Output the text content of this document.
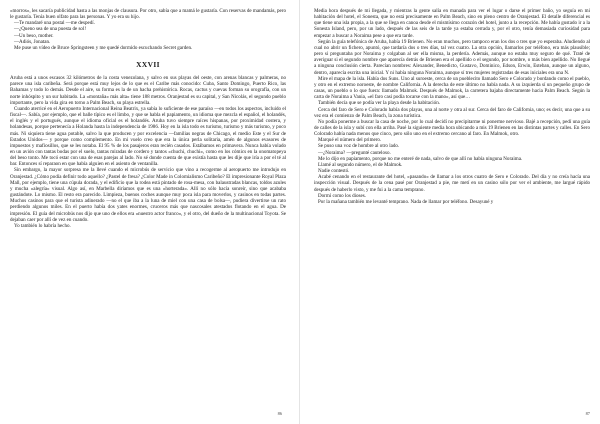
«morros», les sacaría publicidad hasta a las monjas de clausura. Por otro, sabía que a mamá le gustaría. Con reservas de mandamás, pero le gustaría. Tenía buen olfato para las personas. Y yo era su hijo.

—Te mandaré una postal —me despedí.

—¿Queno sea de una puesta de sol!

—Un beso, mother.

—Adiós, Jonatan.

Me puse un vídeo de Bruce Springsteen y me quedé dormido escuchando Secret garden.

XXVII

Aruba está a unos escasos 32 kilómetros de la costa venezolana, y salvo en sus playas del oeste, con arenas blancas y palmeras, no parece una isla caribeña. Será porque está muy lejos de lo que es el Caribe más conocido: Cuba, Santo Domingo, Puerto Rico, las Bahamas y todo lo demás. Desde el aire, su forma es la de un hacha prehistórica. Rocas, cactus y cuevas forman su orografía, con un norte inhóspito y un sur habitado. La «montaña» más alta» tiene 188 metros. Oranjestad es su capital, y San Nicolás, el segundo pueblo importante, pero la vida gira en torno a Palm Beach, su playa estrella.

Cuando aterricé en el Aeropuerto Internacional Reina Beatrix, ya sabía lo suficiente de ese paraíso —en todos los aspectos, incluido el fiscal—. Sabía, por ejemplo, que el balle típico es el limbo, y que se habla el papiamento, un idioma que mezcla el español, el holandés, el inglés y el portugués, aunque el idioma oficial es el holandés. Aruba tuvo siempre raíces hispanas, por proximidad costera, y holandesas, porque pertenecía a Holanda hasta la independencia de 1986. Hoy en la isla todo es turismo, turismo y más turismo, y poco más. Ni siquiera tiene agua potable, salvo la que producen y por excelencia —familias negras de Chicago, el medio Este y el Sur de Estados Unidos— y porque como complemento. En mi vuelo creo que era la única perla solitaria, amén de algunos evasores de impuestos y mafiosillos, que se les notaba. El 95 % de los pasajeros eran recién casados. Estábamos en primavera. Nunca había volado en un avión con tantas bodas por el suelo, tantas miradas de cordero y tantos «chuchi, chuchi», como en los cómics en la onomatopeya del beso tonto. Me tocó estar con una de esas parejas al lado. No sé donde cuenta de que existía hasta que les dije que iría a por el té al bar. Entonces sí reparaon en que había alguien en el asiento de ventanilla.

Sin embargo, la mayor sorpresa me la llevé cuando el microbús de servicio que vino a recogerme al aeropuerto me introdujo en Oranjestad. ¿Cómo podía definir todo aquello? ¿Pastel de fresa? ¿Color Made in Colomialismo Caribeño? El impresionante Royal Plaza Mall, por ejemplo, tiene una cúpula dorada, y el edificio que la rodea está pintado de rosa-mesa, con balaustradas blancas, toldos azules y mucha «alegría» visual. Algo así, en Marbella diríamos que es una «horterada». Allí no sólo hacía sonreír, sino que acababa gustándote. Lo mismo. El resto era parecido. Limpieza, buenos coches aunque muy poca isla para moverlos, y casinos en todas partes. Muchos casinos para que el turista adinerado —no el que iba a la luna de miel con una casa de bolsa—, pudiera divertirse un rato perdiendo algunos miles. En el puerto había dos yates enormes, cruceros más que nascosales atestados flotando en el agua. De impresión. El guía del microbús nos dijo que uno de ellos era «nuestro actor franco», y el otro, del dueño de la multinacional Toyota. Se dejaban caer por allí de vez en cuando.

Yo también lo habría hecho.

86

Media hora después de mi llegada, y mientras la gente salía en manada para ver el lugar o darse el primer baño, yo seguía en mi habitación del hotel, el Sonesta, que no está precisamente en Palm Beach, sino en pleno centro de Oranjestad. El detalle diferencial es que tiene una isla propia, a la que se llega en canoa desde el mismísimo corazón del hotel, junto a la recepción. Me había gustado ir a la Sonesta Island, pero, por un lado, después de las seis de la tarde ya estaba cerrada y, por el otro, tenía demasiada curiosidad para empezar a buscar a Noraima pese a que era tarde.

Según la guía telefónica de Aruba, había 19 Brienen. No eran muchos, pero tampoco eran los dos o tres que yo esperaba. Aludiendo al cual no abrir un fichero, apuntó, que tardaría dos o tres días, tal vez cuatro. La otra opción, llamarlos por teléfono, era más plausible; pero si preguntaba por Noraima y colgaban al ser ella misma, la perdería. Además, aunque no estaba muy seguro de qué. Traté de averiguar si el segundo nombre que aparecía detrás de Brienen era el apellido o el segundo, por nombre, o más bien apellido. No llegué a ninguna conclusión cierta. Parecían nombres: Alexander, Benedicto, Gustavo, Dominico, Edson, Erwin, Esteban, aunque un alguno, dentro, aparecía escrita una inicial. Y ni había ninguna Noraima, aunque sí tres mujeres registradas de esas iniciales era una N.

Mire el mapa de la isla. Había dos Suns. Uno al suroeste, cerca de un pueblecito llamado Sero e Colorado y bordando como el pueblo, y otro en el extremo noroeste, de nombre California. A la derecha de este último no había nada. A su izquierda sí un pequeño grupo de casas, un pueblo o lo que fuera: llamado Malmok. Después de Malmok, la carretera bajaba directamente hacia Palm Beach. Según la carta de Noraima a Vania, «el faro casi podía tocarse con la mano», así que…

También decía que se podía ver la playa desde la habitación.

Cerca del faro de Sero e Colorado había dos playas, una al norte y otra al sur. Cerca del faro de California, uno; es decir, una que a su vez era el comienzo de Palm Beach, la zona turística.

No podía ponerme a buscar la casa de noche, por lo cual decidí no precipitarme ni ponerme nervioso. Bajé a recepción, pedí una guía de calles de la isla y subí con ella arriba. Pasé la siguiente media hora ubicando a mis 19 Brienen en las distintas partes y calles. En Sero Colorado había nada menos que cinco, pero sólo uno en el extremo cercano al faro. En Malmok, otro.

Marqué el número del primero.

Se puso una voz de hombre al otro lado.

—¿Noraima? —pregunté cauteloso.

Me lo dijo en papiamento, porque no me enteré de nada, salvo de que allí no había ninguna Noraima.

Llamé al segundo número, el de Malmok.

Nadie contestó.

Acabé cenando en el restaurante del hotel, «pasando» de llamar a los otros cuatro de Sero e Colorado. Del día y no creía hacía una inspección visual. Después de la cena pasé por Oranjestad a pie, me metí en un casino sólo por ver el ambiente, me largué rápido después de haberlo visto, y me fui a la cama temprano.

Dormí como los dioses.

Por la mañana también me levanté temprano. Nada de llamar por teléfono. Desayuné y

87
